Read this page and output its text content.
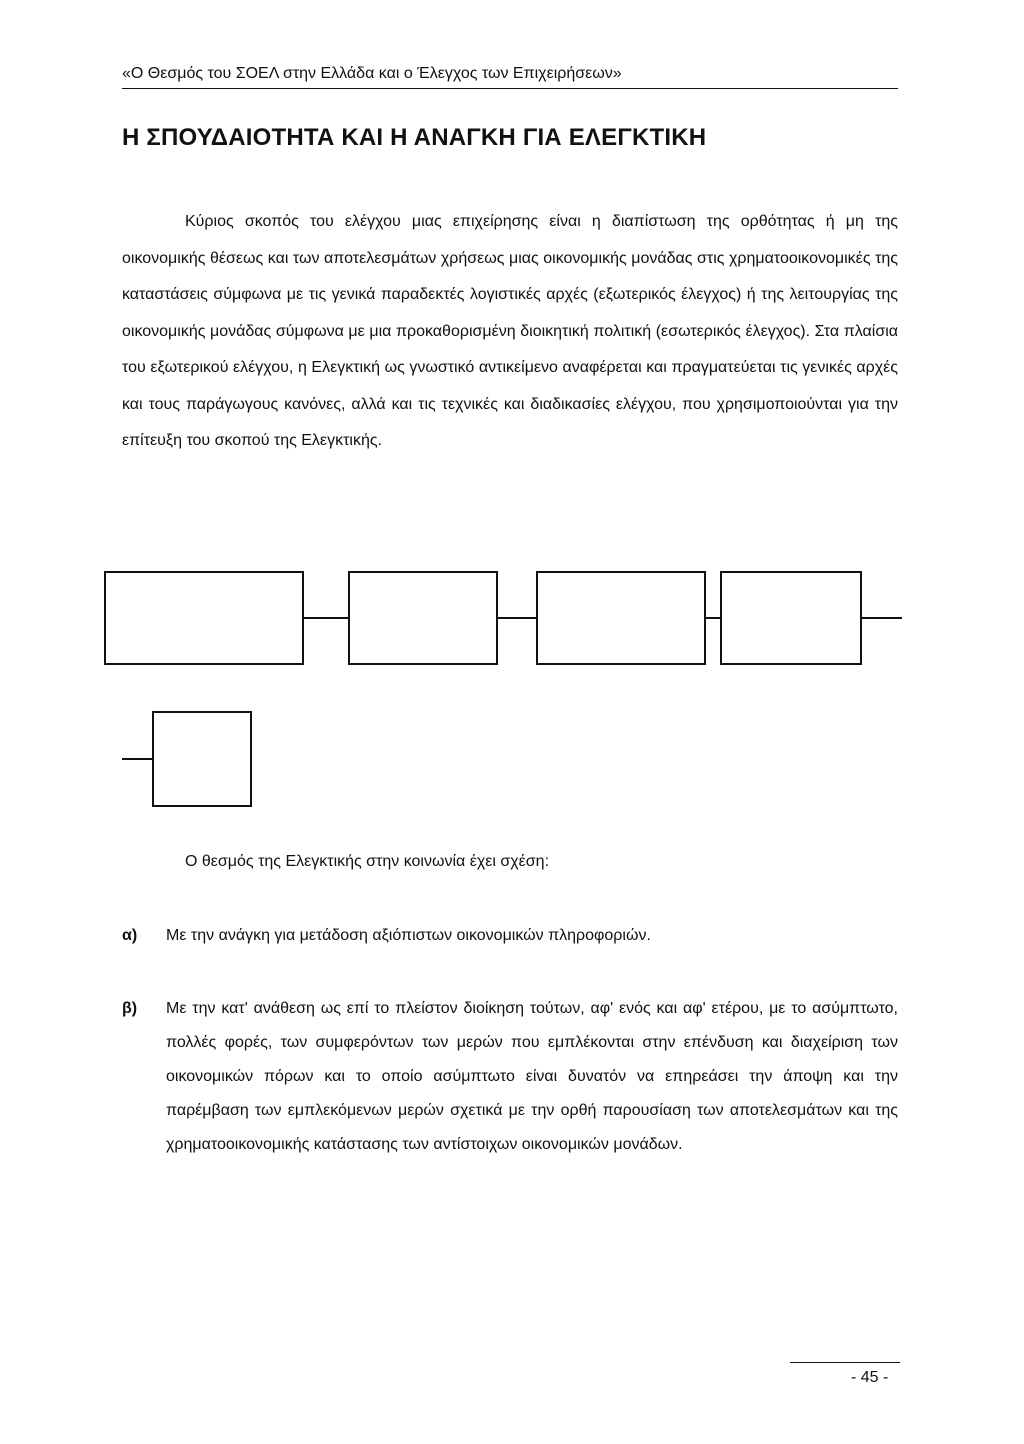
«Ο Θεσμός του ΣΟΕΛ στην Ελλάδα και ο Έλεγχος των Επιχειρήσεων»
Η ΣΠΟΥΔΑΙΟΤΗΤΑ ΚΑΙ Η ΑΝΑΓΚΗ ΓΙΑ ΕΛΕΓΚΤΙΚΗ

Κύριος σκοπός του ελέγχου μιας επιχείρησης είναι η διαπίστωση της ορθότητας ή μη της οικονομικής θέσεως και των αποτελεσμάτων χρήσεως μιας οικονομικής μονάδας στις χρηματοοικονομικές της καταστάσεις σύμφωνα με τις γενικά παραδεκτές λογιστικές αρχές (εξωτερικός έλεγχος) ή της λειτουργίας της οικονομικής μονάδας σύμφωνα με μια προκαθορισμένη διοικητική πολιτική (εσωτερικός έλεγχος). Στα πλαίσια του εξωτερικού ελέγχου, η Ελεγκτική ως γνωστικό αντικείμενο αναφέρεται και πραγματεύεται τις γενικές αρχές και τους παράγωγους κανόνες, αλλά και τις τεχνικές και διαδικασίες ελέγχου, που χρησιμοποιούνται για την επίτευξη του σκοπού της Ελεγκτικής.

Ο θεσμός της Ελεγκτικής στην κοινωνία έχει σχέση:

α) Με την ανάγκη για μετάδοση αξιόπιστων οικονομικών πληροφοριών.

β) Με την κατ' ανάθεση ως επί το πλείστον διοίκηση τούτων, αφ' ενός και αφ' ετέρου, με το ασύμπτωτο, πολλές φορές, των συμφερόντων των μερών που εμπλέκονται στην επένδυση και διαχείριση των οικονομικών πόρων και το οποίο ασύμπτωτο είναι δυνατόν να επηρεάσει την άποψη και την παρέμβαση των εμπλεκόμενων μερών σχετικά με την ορθή παρουσίαση των αποτελεσμάτων και της χρηματοοικονομικής κατάστασης των αντίστοιχων οικονομικών μονάδων.

- 45 -
